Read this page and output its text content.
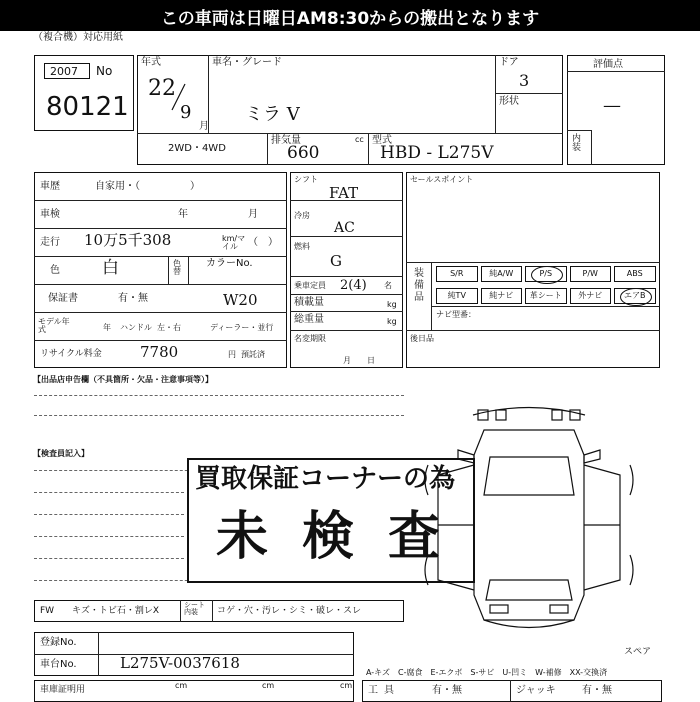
この車両は日曜日AM8:30からの搬出となります
（複合機）対応用紙
2007 No
80121
年式
22
9
月
車名・グレード
ミラ V
ドア
3
形状
2WD・4WD
排気量
660
cc 型式
HBD - L275V
評価点
—
内装
車歴	自家用・（　　　　　）
車検	年	月
走行 10万5千308	km/マイル	（　）
色 白	色替
カラーNo.
W20
保証書	有・無
モデル年式	年 ハンドル 左・右	ディーラー・並行
リサイクル料金	7780	円 預託済
シフト
FAT
冷房
AC
燃料
G
乗車定員 2(4) 名
積載量	kg
総重量	kg
名変期限
月日
セールスポイント
装備品
S/R	純A/W	P/S	P/W	ABS
純TV	純ナビ	革シート	外ナビ	エアB
ナビ型番：
後日品
【出品店申告欄（不具箇所・欠品・注意事項等）】
【検査員記入】
買取保証コーナーの為
未検査
スペア
FW キズ・トビ石・割レX
シート内装	コゲ・穴・汚レ・シミ・破レ・スレ
登録No.
車台No.	L275V-0037618
A-キズ　C-腐食　E-エクボ　S-サビ　U-凹ミ　W-補修　XX-交換済
車庫証明用	cm	cm	cm 工具	有・無	ジャッキ	有・無
